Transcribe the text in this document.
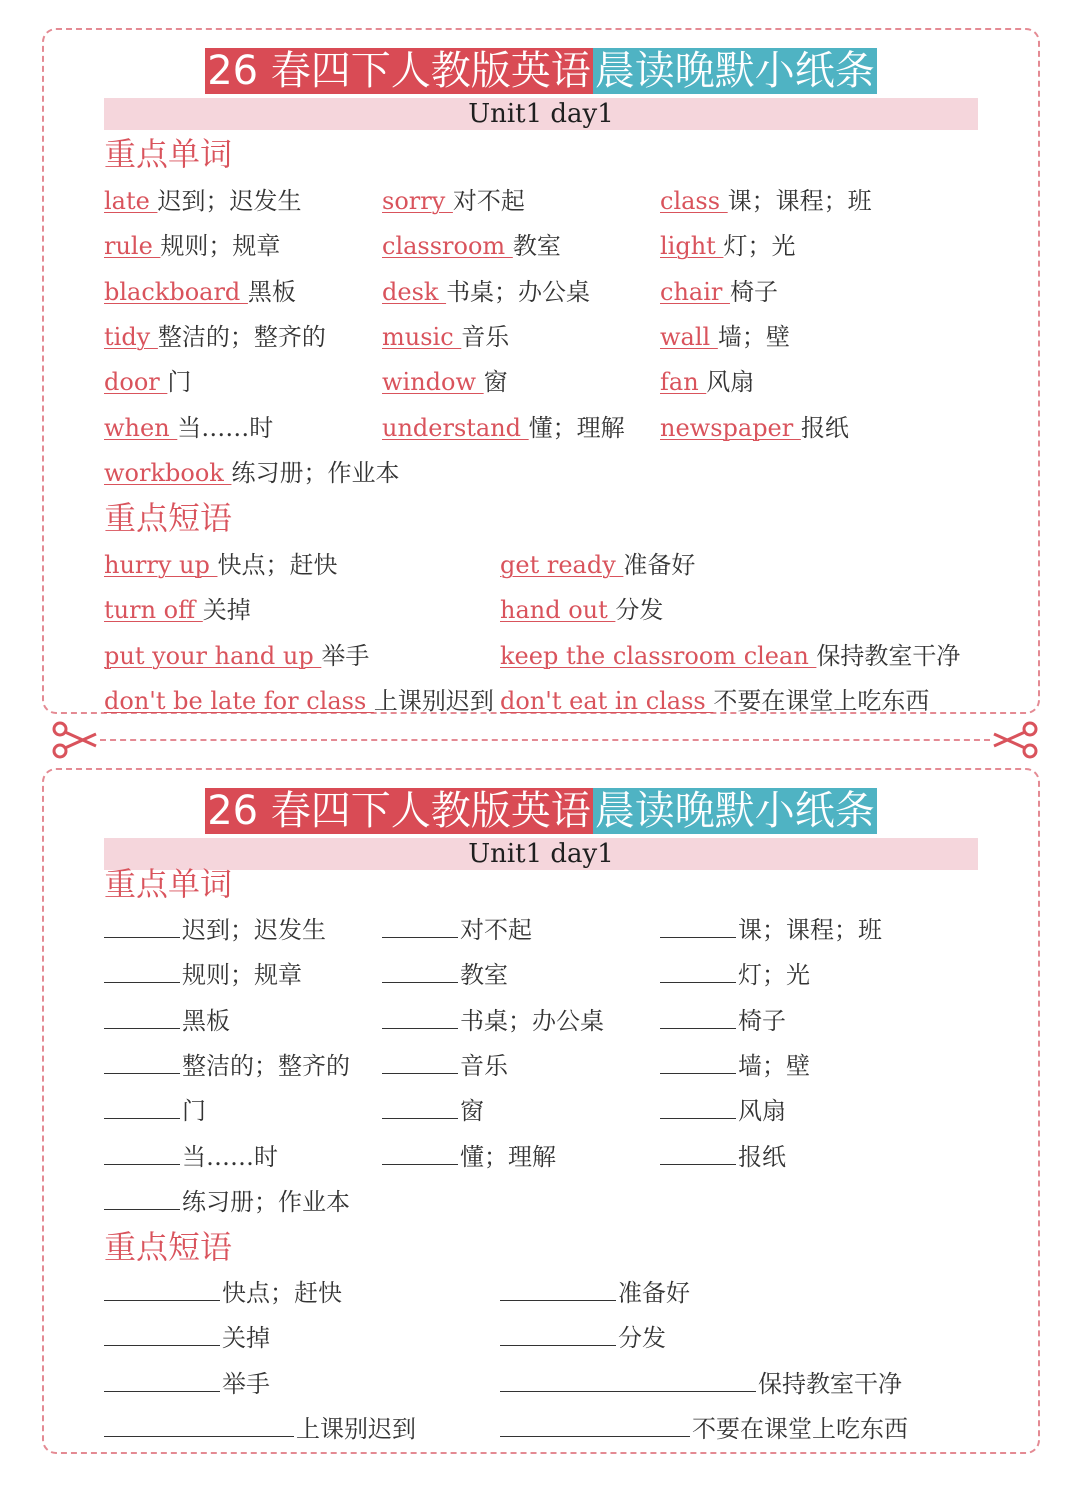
26 春四下人教版英语 晨读晚默小纸条
Unit1 day1
重点单词
late 迟到；迟发生	sorry 对不起	class 课；课程；班
rule 规则；规章	classroom 教室	light 灯；光
blackboard 黑板	desk 书桌；办公桌	chair 椅子
tidy 整洁的；整齐的 music 音乐	wall 墙；壁
door 门	window 窗	fan 风扇
when 当……时	understand 懂；理解 newspaper 报纸
workbook 练习册；作业本
重点短语
hurry up 快点；赶快	get ready 准备好
turn off 关掉	hand out 分发
put your hand up 举手	keep the classroom clean 保持教室干净
don't be late for class 上课别迟到 don't eat in class 不要在课堂上吃东西
26 春四下人教版英语 晨读晚默小纸条
Unit1 day1
重点单词
迟到；迟发生	对不起	课；课程；班
规则；规章	教室	灯；光
黑板	书桌；办公桌	椅子
整洁的；整齐的	音乐	墙；壁
门	窗	风扇
当……时	懂；理解	报纸
练习册；作业本
重点短语
快点；赶快	准备好
关掉	分发
举手	保持教室干净
上课别迟到	不要在课堂上吃东西
